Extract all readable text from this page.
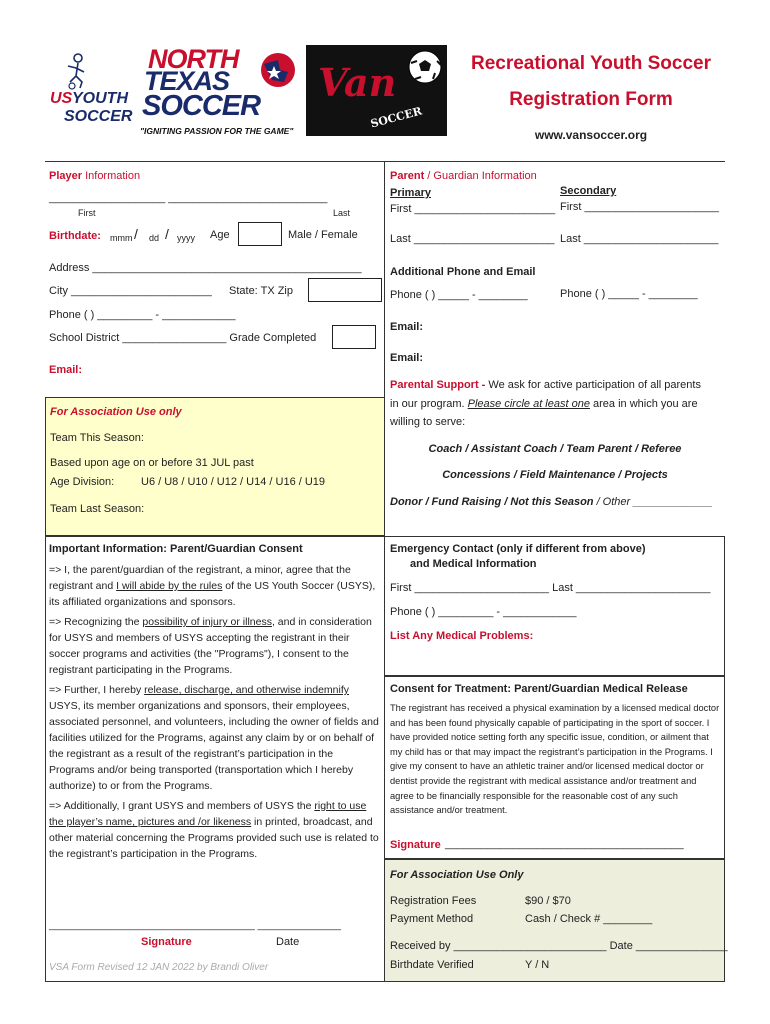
US YOUTH
SOCCER
NORTH
TEXAS
SOCCER
"IGNITING PASSION FOR THE GAME"
Van
SOCCER
Recreational Youth Soccer
Registration Form
www.vansoccer.org
Player Information
___________________ __________________________
First	Last
Birthdate: mmm / dd / yyyy Age	Male / Female
Address ____________________________________________
City _______________________ State: TX Zip
Phone ( ) _________ - ____________
School District _________________ Grade Completed
Email:
For Association Use only
Team This Season:
Based upon age on or before 31 JUL past
Age Division: U6 / U8 / U10 / U12 / U14 / U16 / U19
Team Last Season:
Parent / Guardian Information
Primary	Secondary
First _______________________ First ______________________
Last _______________________ Last ______________________
Additional Phone and Email
Phone ( ) _____ - ________	Phone ( ) _____ - ________
Email:
Email:
Parental Support - We ask for active participation of all parents
in our program. Please circle at least one area in which you are
willing to serve:
Coach / Assistant Coach / Team Parent / Referee
Concessions / Field Maintenance / Projects
Donor / Fund Raising / Not this Season / Other _____________
Important Information: Parent/Guardian Consent

=> I, the parent/guardian of the registrant, a minor, agree that the registrant and I will abide by the rules of the US Youth Soccer (USYS), its affiliated organizations and sponsors.

=> Recognizing the possibility of injury or illness, and in consideration for USYS and members of USYS accepting the registrant in their soccer programs and activities (the "Programs"), I consent to the registrant participating in the Programs.

=> Further, I hereby release, discharge, and otherwise indemnify USYS, its member organizations and sponsors, their employees, associated personnel, and volunteers, including the owner of fields and facilities utilized for the Programs, against any claim by or on behalf of the registrant as a result of the registrant’s participation in the Programs and/or being transported (transportation which I hereby authorize) to or from the Programs.

=> Additionally, I grant USYS and members of USYS the right to use the player’s name, pictures and /or likeness in printed, broadcast, and other material concerning the Programs provided such use is related to the registrant’s participation in the Programs.

_____________________________________ _______________
Signature	Date
VSA Form Revised 12 JAN 2022 by Brandi Oliver
Emergency Contact (only if different from above)
and Medical Information
First ______________________ Last ______________________
Phone ( ) _________ - ____________
List Any Medical Problems:
Consent for Treatment: Parent/Guardian Medical Release
The registrant has received a physical examination by a licensed medical doctor and has been found physically capable of participating in the sport of soccer. I have provided notice setting forth any specific issue, condition, or ailment that my child has or that may impact the registrant’s participation in the Programs. I give my consent to have an athletic trainer and/or licensed medical doctor or dentist provide the registrant with medical assistance and/or treatment and agree to be financially responsible for the reasonable cost of any such assistance and/or treatment.
Signature _______________________________________
For Association Use Only
Registration Fees	$90 / $70
Payment Method	Cash / Check # ________
Received by _________________________ Date _______________
Birthdate Verified	Y / N
